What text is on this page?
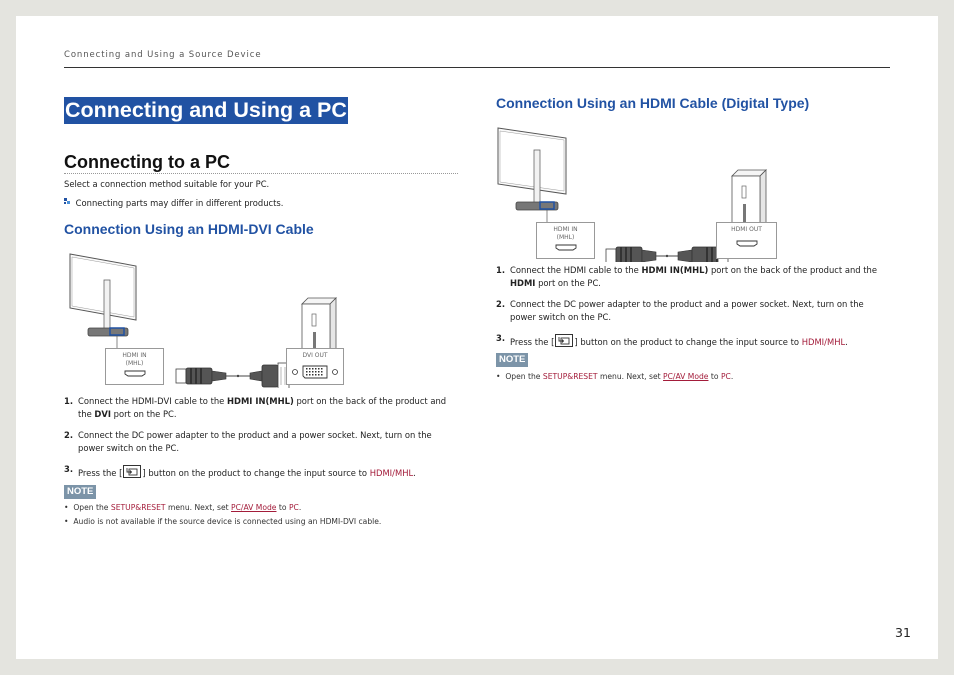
Connecting and Using a Source Device
Connecting and Using a PC
Connecting to a PC
Select a connection method suitable for your PC.
Connecting parts may differ in different products.
Connection Using an HDMI-DVI Cable
HDMI IN
(MHL)
DVI OUT
1. Connect the HDMI-DVI cable to the HDMI IN(MHL) port on the back of the product and
the DVI port on the PC.
2. Connect the DC power adapter to the product and a power socket. Next, turn on the
power switch on the PC.
3. Press the [ ] button on the product to change the input source to HDMI/MHL.
NOTE
•  Open the SETUP&RESET menu. Next, set PC/AV Mode to PC.
•  Audio is not available if the source device is connected using an HDMI-DVI cable.
Connection Using an HDMI Cable (Digital Type)
HDMI IN
(MHL)
HDMI OUT
1. Connect the HDMI cable to the HDMI IN(MHL) port on the back of the product and the
HDMI port on the PC.
2. Connect the DC power adapter to the product and a power socket. Next, turn on the
power switch on the PC.
3. Press the [ ] button on the product to change the input source to HDMI/MHL.
NOTE
•  Open the SETUP&RESET menu. Next, set PC/AV Mode to PC.
31
